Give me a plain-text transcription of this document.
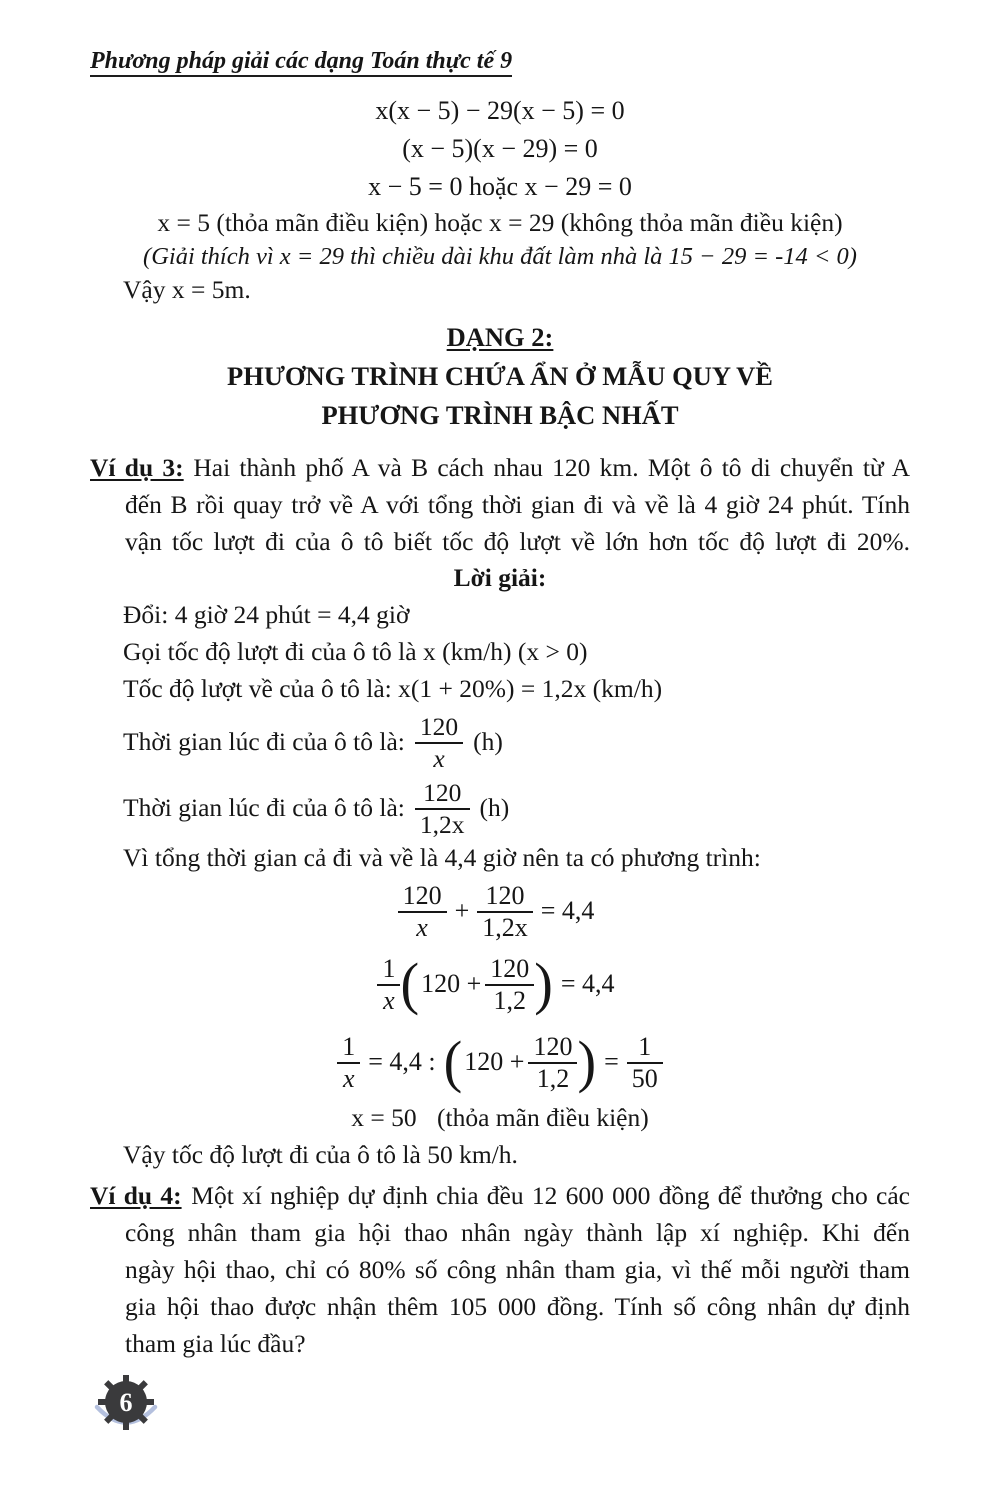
Phương pháp giải các dạng Toán thực tế 9
x(x − 5) − 29(x − 5) = 0
(x − 5)(x − 29) = 0
x − 5 = 0 hoặc x − 29 = 0
x = 5 (thỏa mãn điều kiện) hoặc x = 29 (không thỏa mãn điều kiện)
(Giải thích vì x = 29 thì chiều dài khu đất làm nhà là 15 − 29 = -14 < 0)
Vậy x = 5m.
DẠNG 2:
PHƯƠNG TRÌNH CHỨA ẨN Ở MẪU QUY VỀ
PHƯƠNG TRÌNH BẬC NHẤT
Ví dụ 3: Hai thành phố A và B cách nhau 120 km. Một ô tô di chuyển từ A
đến B rồi quay trở về A với tổng thời gian đi và về là 4 giờ 24 phút. Tính
vận tốc lượt đi của ô tô biết tốc độ lượt về lớn hơn tốc độ lượt đi 20%.
Lời giải:
Đổi: 4 giờ 24 phút = 4,4 giờ
Gọi tốc độ lượt đi của ô tô là x (km/h) (x > 0)
Tốc độ lượt về của ô tô là: x(1 + 20%) = 1,2x (km/h)
Thời gian lúc đi của ô tô là: $\frac{120}{x} (h)$
Thời gian lúc đi của ô tô là: $\frac{120}{1,2x} (h)$
Vì tổng thời gian cả đi và về là 4,4 giờ nên ta có phương trình:
$\frac{120}{x} + \frac{120}{1,2x} = 4,4$
$\frac{1}{x}$ ( $120 + \frac{120}{1,2}$ ) = 4,4
$\frac{1}{x} = 4,4$ : ( $120 + \frac{120}{1,2}$ ) = $\frac{1}{50}$
x = 50 (thỏa mãn điều kiện)
Vậy tốc độ lượt đi của ô tô là 50 km/h.
Ví dụ 4: Một xí nghiệp dự định chia đều 12 600 000 đồng để thưởng cho các
công nhân tham gia hội thao nhân ngày thành lập xí nghiệp. Khi đến
ngày hội thao, chỉ có 80% số công nhân tham gia, vì thế mỗi người tham
gia hội thao được nhận thêm 105 000 đồng. Tính số công nhân dự định
tham gia lúc đầu?
6
